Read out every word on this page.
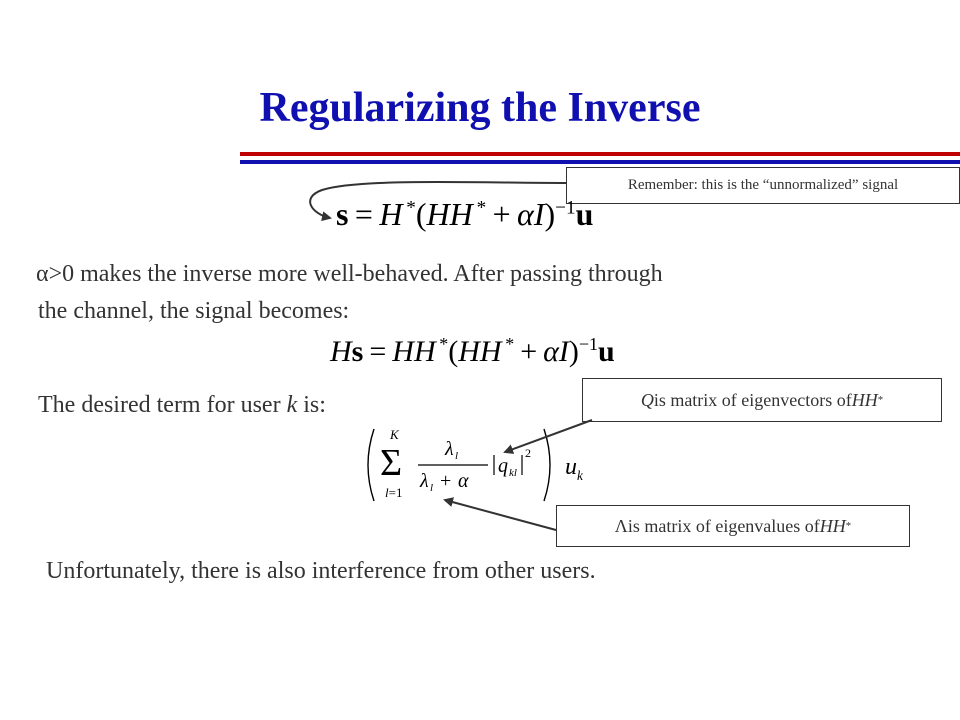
Regularizing the Inverse
Remember: this is the “unnormalized” signal
s = H *(HH * + αI)$^{-1}$u
α>0 makes the inverse more well-behaved. After passing through
the channel, the signal becomes:
Hs = HH *(HH * + αI)$^{-1}$u
The desired term for user k is:	Q is matrix of eigenvectors of HH *
K
Σ
l=1
λ l
λ l + α
q kl
2
$u_k$
Λ is matrix of eigenvalues of HH *
Unfortunately, there is also interference from other users.
